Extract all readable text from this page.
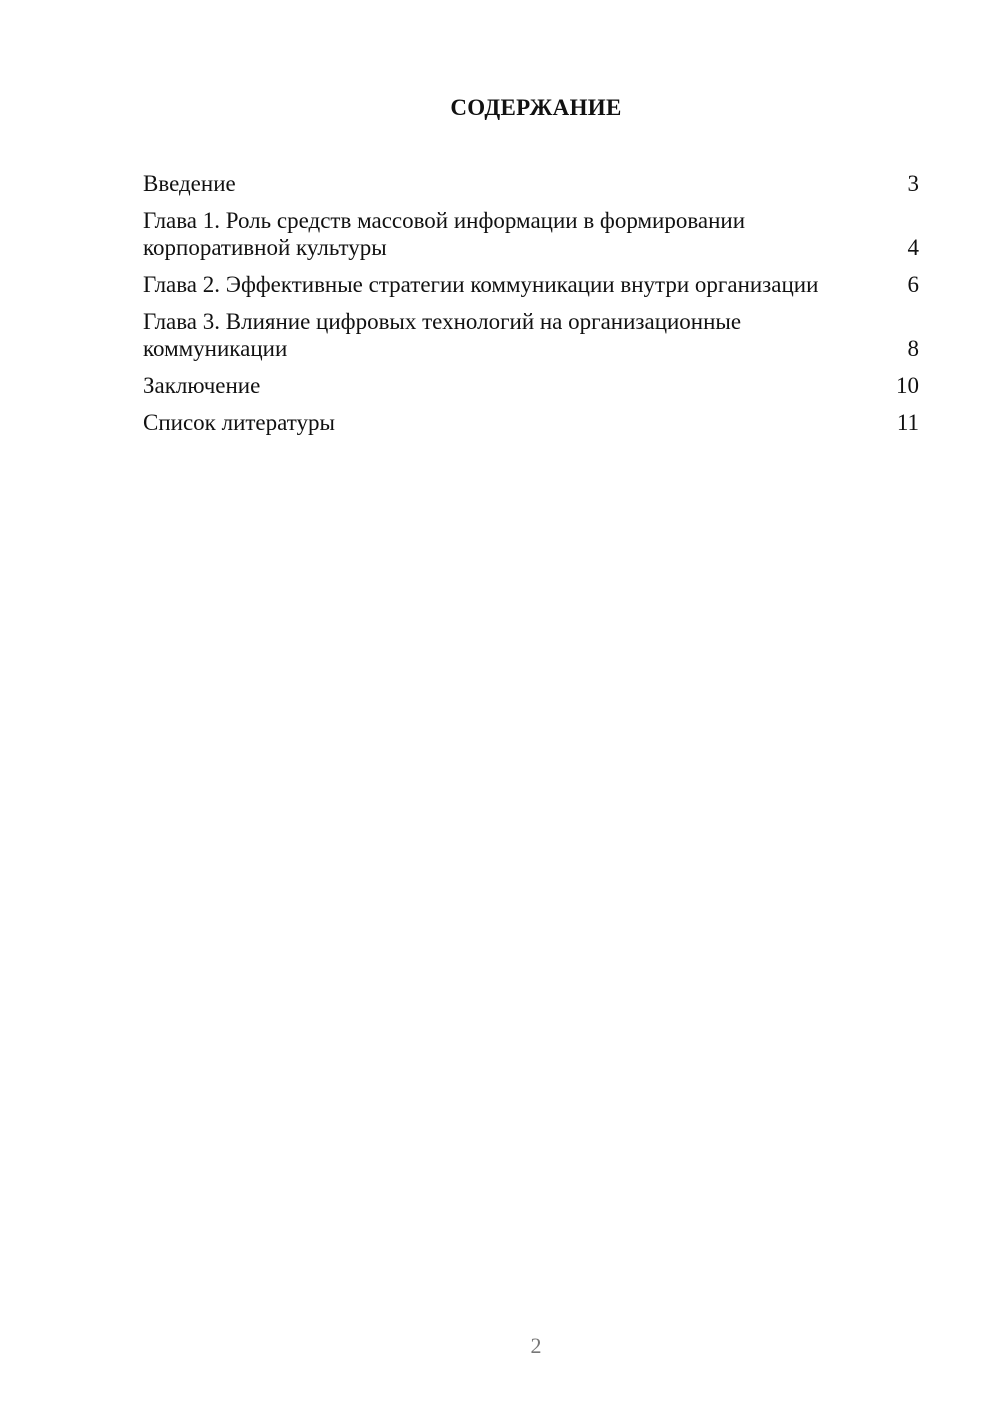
СОДЕРЖАНИЕ
Введение	3
Глава 1. Роль средств массовой информации в формировании корпоративной культуры	4
Глава 2. Эффективные стратегии коммуникации внутри организации	6
Глава 3. Влияние цифровых технологий на организационные коммуникации	8
Заключение	10
Список литературы	11
2
